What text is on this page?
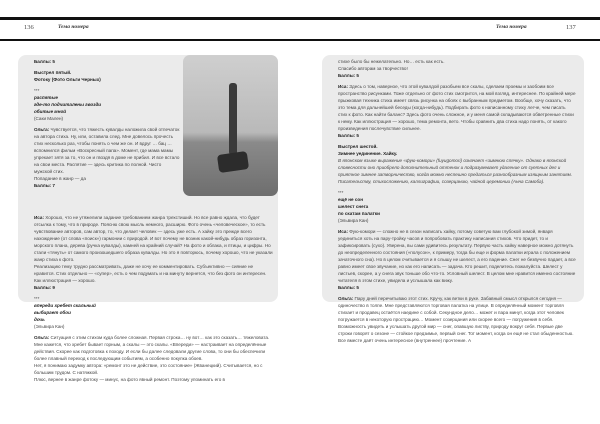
136	Тема номера	Тема номера	137

Баллы: 5

Выстрел пятый.
Фотоку (Фото Ольги Черных)

***
распятые
где-то подчиталены гвозди
обитые мной
(Саки Мален)

Ольга: Чувствуется, что тяжесть кувалды наложила свой отпечаток на автора стиха. Ну, или, оставила след. Мне довелось прочесть стих несколько раз, чтобы понять о чем же он. И вдруг … бац … вспомнился фильм «Воскресный папа». Момент, где мама мамы упрекает зятя за то, что он и гвоздя в доме не прибил. И все встало на свои места. Распятие — здесь критика по полной. Чисто мужской стих.
Попадание в жанр — да
Баллы: 7

Иса: Хорошо, что не утяжелили задание требованием жанра трехстиший. Но все равно ждала, что будет отсылка к тому, что в природе. Поясню свою мысль немного, расширю. Фото очень «человеческое», то есть чувствование авторов, сам автор, то, что делает человек — здесь уже есть. А хайку это прежде всего нахождение (от слова «поиск») гармонии с природой. И вот почему не возник какой-нибудь образ горизонта, морского плана, дерева (ручка кувалды), камней на крайний случай? На фото и облака, и птицы, и цифры. Но стали «тянуть» от самого произошедшего образа кувалды. Но это я повторюсь, почему хорошо, что не указали жанр стиха к фото.
Реализацию тему трудно рассматривать, даже не хочу ее комментировать. Субъективно — сияние не нравится. Стих отдельно — «супер», есть о чем подумать и на минуту вернется, что без фото он интересен. Как иллюстрация — хорошо.
Баллы: 9

***
впереди хребет скальный
выбирает обои
дочь
(Эльвира Кан)

Ольга: Ситуация с этим стихом куда более сложная. Первая строка… ну вот… как это сказать… тяжеловата. Мне кажется, что хребет бывает горным, а скалы — это скалы. «Впереди» — настраивает на определённые действия. Скорее как подготовка к походу. И если бы далее следовали другие слова, то они бы обеспечили более плавный переход к последующим событиям, а особенно покупка обоев.
Нет, я понимаю задумку автора: «ремонт это не действие, это состояние» (Жванецкий). Считывается, но с большим трудом. С натяжкой.
Плюс, вернее в жанре фотоку — минус, на фото явный ремонт. Поэтому упоминать его в

стихе было бы нежелательно. Но… есть как есть.
Спасибо авторам за творчество!
Баллы: 5

Иса: Здесь о том, наверное, что этой кувалдой разобьем все скалы, сделаем проемы и заобоим все пространство рисунками. Тоже отдельно от фото стих смотрится, на мой взгляд, интереснее. По крайней мере прыжковая техника стиха имеет связь рисунка на обоях с выбранным предметом. Вообще, хочу сказать, что это тема для дальнейшей беседы (когда-нибудь). Подбирать фото к написанному стиху легче, чем писать стих к фото. Как найти баланс? Здесь фото очень сложное, и у меня самой складываются обветренные стихи к нему. Как иллюстрация — хорошо, тема ремонта, вето. Чтобы сравнить два стиха надо понять, от какого произведения послечувствие сильнее.
Баллы: 5

Выстрел шестой.
Зимнее уединение. Хайку.
В японском языке выражение «фую-комори» (fuyugomori) означает «зимнюю спячку». Однако в японской словесности оно приобрело дополнительный оттенок и подразумевает удаление от суетных дел и приятное зимнее затворничество, когда можно неспешно предаться разнообразным изящным занятиям. Писательству, стихосложению, каллиграфии, созерцанию, чайной церемонии (Анна Самоба).

***
ещё не сон
шелест снега
по скатам палатки
(Эльвира Кан)

Иса: Фую-комори — сложно не в сезон написать хайку, потому советую вам глубокой зимой, января уединиться хоть на пару-тройку часов и попробовать практику написания стихов. Что придет, то и зафиксировать (сухо). Уверена, вы сами удивитесь результату. Первую часть хайку наверное можно дотянуть до неопределенного состояния («полусон», к примеру, тогда бы еще и форма палатки играла с положением зачаточного сна). Но в целом считывается и я слышу не шелест, а его падение. Снег не безвучно падает, а все равно имеет свое звучание, но как его написать — задача. Кто решит, поделитесь пожалуйста. Шелест у листьев, скорее, а у снега звук тоньше обо что-то. Условный шелест. В целом мне нравится именно состояние читателя в этом стихе, увидела и услышала как вижу.
Баллы: 5

Ольга: Пару дней перечитываю этот стих. Кручу, как ветки в руке. Забавный смысл открылся сегодня — одиночество в толпе. Мне представляются торговая палатка на улице. В определённый момент торговля стихает и продавец остаётся наедине с собой. Секундное дело… может и пара минут, когда этот человек погружается в некоторую прострацию… Момент созерцания или скорее всего — погружения в себя. Возможность увидеть и услышать другой мир — снег, опавшую листву, природу вокруг себя. Первые две строки говорят о сезоне — стойкое предзимье, первый снег. Тот момент, когда он ещё не стал обыденностью. Все вместе даёт очень интересное (внутреннее) прочтение. А
